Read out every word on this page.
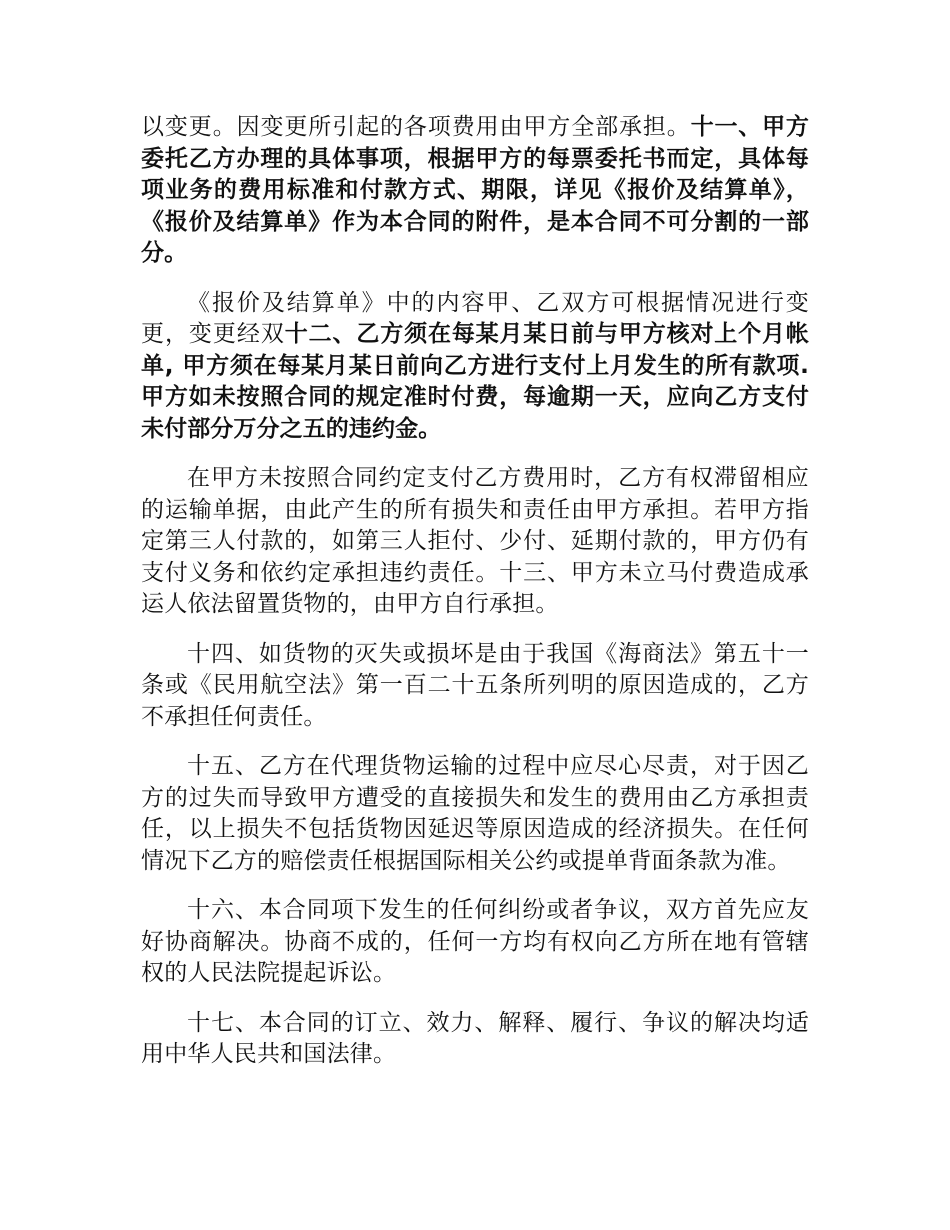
以变更。因变更所引起的各项费用由甲方全部承担。十一、甲方委托乙方办理的具体事项，根据甲方的每票委托书而定，具体每项业务的费用标准和付款方式、期限，详见《报价及结算单》，《报价及结算单》作为本合同的附件，是本合同不可分割的一部分。

《报价及结算单》中的内容甲、乙双方可根据情况进行变更，变更经双十二、乙方须在每某月某日前与甲方核对上个月帐单, 甲方须在每某月某日前向乙方进行支付上月发生的所有款项. 甲方如未按照合同的规定准时付费，每逾期一天，应向乙方支付未付部分万分之五的违约金。

在甲方未按照合同约定支付乙方费用时，乙方有权滞留相应的运输单据，由此产生的所有损失和责任由甲方承担。若甲方指定第三人付款的，如第三人拒付、少付、延期付款的，甲方仍有支付义务和依约定承担违约责任。十三、甲方未立马付费造成承运人依法留置货物的，由甲方自行承担。

十四、如货物的灭失或损坏是由于我国《海商法》第五十一条或《民用航空法》第一百二十五条所列明的原因造成的，乙方不承担任何责任。

十五、乙方在代理货物运输的过程中应尽心尽责，对于因乙方的过失而导致甲方遭受的直接损失和发生的费用由乙方承担责任，以上损失不包括货物因延迟等原因造成的经济损失。在任何情况下乙方的赔偿责任根据国际相关公约或提单背面条款为准。

十六、本合同项下发生的任何纠纷或者争议，双方首先应友好协商解决。协商不成的，任何一方均有权向乙方所在地有管辖权的人民法院提起诉讼。

十七、本合同的订立、效力、解释、履行、争议的解决均适用中华人民共和国法律。
